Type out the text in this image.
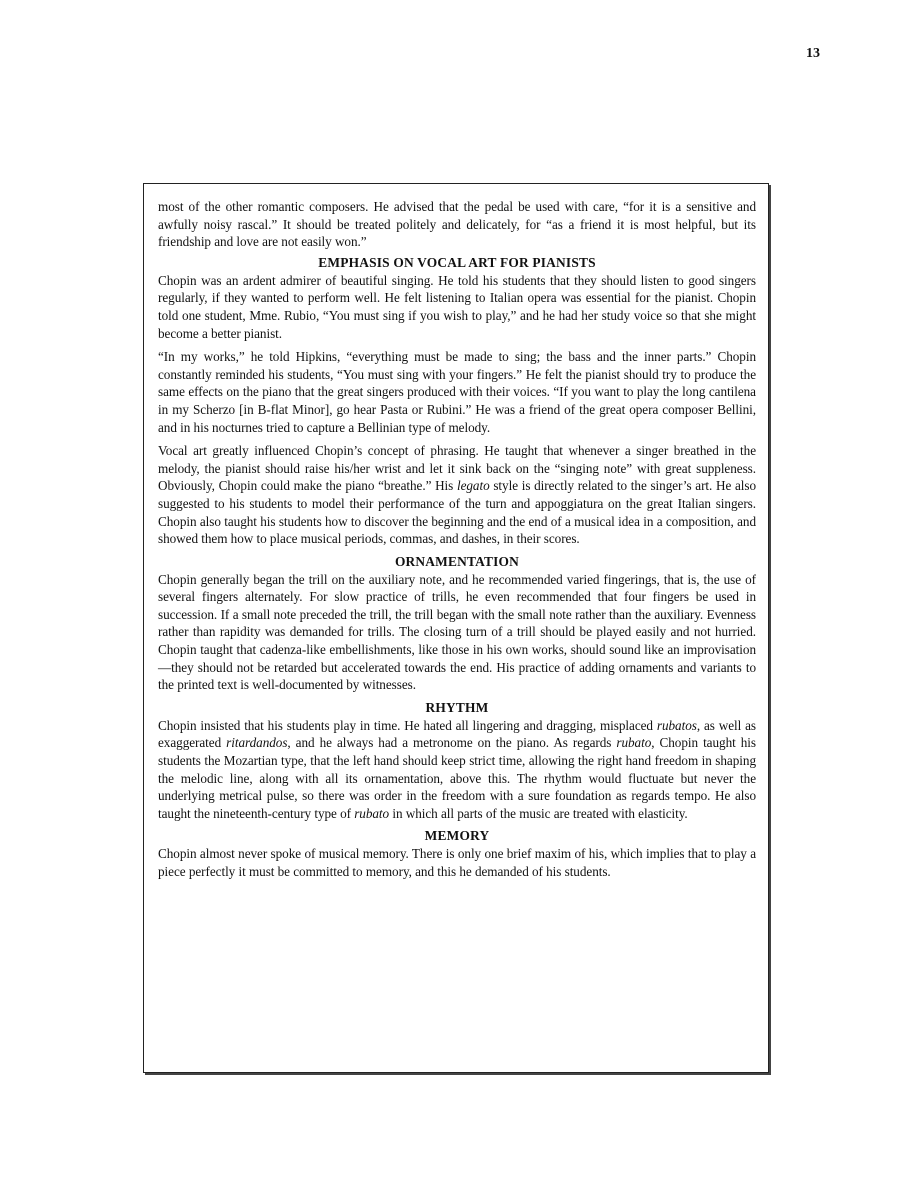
13

most of the other romantic composers. He advised that the pedal be used with care, “for it is a sensitive and awfully noisy rascal.” It should be treated politely and delicately, for “as a friend it is most helpful, but its friendship and love are not easily won.”

EMPHASIS ON VOCAL ART FOR PIANISTS

Chopin was an ardent admirer of beautiful singing. He told his students that they should listen to good singers regularly, if they wanted to perform well. He felt listening to Italian opera was essential for the pianist. Chopin told one student, Mme. Rubio, “You must sing if you wish to play,” and he had her study voice so that she might become a better pianist.

“In my works,” he told Hipkins, “everything must be made to sing; the bass and the inner parts.” Chopin constantly reminded his students, “You must sing with your fingers.” He felt the pianist should try to produce the same effects on the piano that the great singers produced with their voices. “If you want to play the long cantilena in my Scherzo [in B-flat Minor], go hear Pasta or Rubini.” He was a friend of the great opera composer Bellini, and in his nocturnes tried to capture a Bellinian type of melody.

Vocal art greatly influenced Chopin’s concept of phrasing. He taught that whenever a singer breathed in the melody, the pianist should raise his/her wrist and let it sink back on the “singing note” with great suppleness. Obviously, Chopin could make the piano “breathe.” His legato style is directly related to the singer’s art. He also suggested to his students to model their performance of the turn and appoggiatura on the great Italian singers. Chopin also taught his students how to discover the beginning and the end of a musical idea in a composition, and showed them how to place musical periods, commas, and dashes, in their scores.

ORNAMENTATION

Chopin generally began the trill on the auxiliary note, and he recommended varied fingerings, that is, the use of several fingers alternately. For slow practice of trills, he even recommended that four fingers be used in succession. If a small note preceded the trill, the trill began with the small note rather than the auxiliary. Evenness rather than rapidity was demanded for trills. The closing turn of a trill should be played easily and not hurried. Chopin taught that cadenza-like embellishments, like those in his own works, should sound like an improvisation—they should not be retarded but accelerated towards the end. His practice of adding ornaments and variants to the printed text is well-documented by witnesses.

RHYTHM

Chopin insisted that his students play in time. He hated all lingering and dragging, misplaced rubatos, as well as exaggerated ritardandos, and he always had a metronome on the piano. As regards rubato, Chopin taught his students the Mozartian type, that the left hand should keep strict time, allowing the right hand freedom in shaping the melodic line, along with all its ornamentation, above this. The rhythm would fluctuate but never the underlying metrical pulse, so there was order in the freedom with a sure foundation as regards tempo. He also taught the nineteenth-century type of rubato in which all parts of the music are treated with elasticity.

MEMORY

Chopin almost never spoke of musical memory. There is only one brief maxim of his, which implies that to play a piece perfectly it must be committed to memory, and this he demanded of his students.
